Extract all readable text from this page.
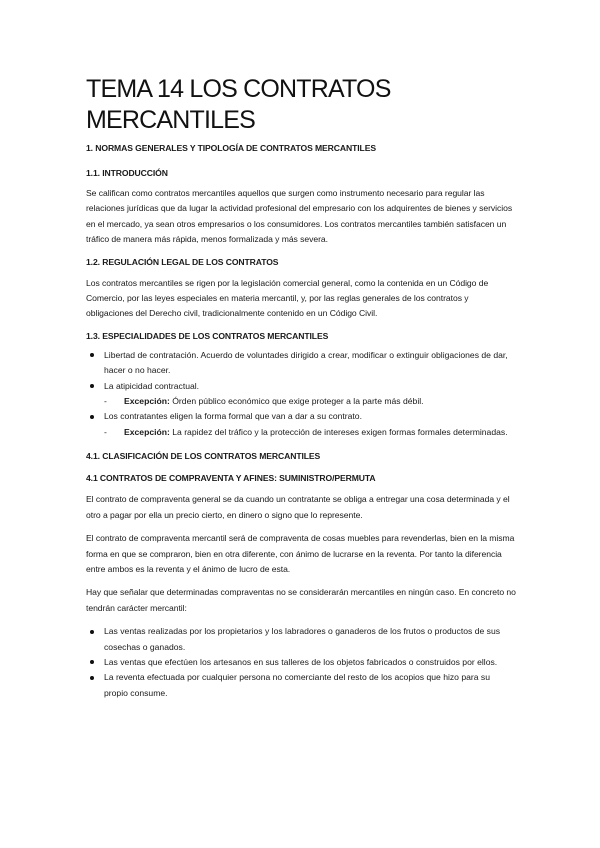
TEMA 14 LOS CONTRATOS
MERCANTILES

1. NORMAS GENERALES Y TIPOLOGÍA DE CONTRATOS MERCANTILES

1.1. INTRODUCCIÓN

Se califican como contratos mercantiles aquellos que surgen como instrumento necesario para regular las relaciones jurídicas que da lugar la actividad profesional del empresario con los adquirentes de bienes y servicios en el mercado, ya sean otros empresarios o los consumidores. Los contratos mercantiles también satisfacen un tráfico de manera más rápida, menos formalizada y más severa.

1.2. REGULACIÓN LEGAL DE LOS CONTRATOS

Los contratos mercantiles se rigen por la legislación comercial general, como la contenida en un Código de Comercio, por las leyes especiales en materia mercantil, y, por las reglas generales de los contratos y obligaciones del Derecho civil, tradicionalmente contenido en un Código Civil.

1.3. ESPECIALIDADES DE LOS CONTRATOS MERCANTILES

Libertad de contratación. Acuerdo de voluntades dirigido a crear, modificar o extinguir obligaciones de dar, hacer o no hacer.
La atipicidad contractual.
- Excepción: Órden público económico que exige proteger a la parte más débil.
Los contratantes eligen la forma formal que van a dar a su contrato.
- Excepción: La rapidez del tráfico y la protección de intereses exigen formas formales determinadas.

4.1. CLASIFICACIÓN DE LOS CONTRATOS MERCANTILES

4.1 CONTRATOS DE COMPRAVENTA Y AFINES: SUMINISTRO/PERMUTA

El contrato de compraventa general se da cuando un contratante se obliga a entregar una cosa determinada y el otro a pagar por ella un precio cierto, en dinero o signo que lo represente.

El contrato de compraventa mercantil será de compraventa de cosas muebles para revenderlas, bien en la misma forma en que se compraron, bien en otra diferente, con ánimo de lucrarse en la reventa. Por tanto la diferencia entre ambos es la reventa y el ánimo de lucro de esta.

Hay que señalar que determinadas compraventas no se considerarán mercantiles en ningún caso. En concreto no tendrán carácter mercantil:

Las ventas realizadas por los propietarios y los labradores o ganaderos de los frutos o productos de sus cosechas o ganados.
Las ventas que efectúen los artesanos en sus talleres de los objetos fabricados o construidos por ellos.
La reventa efectuada por cualquier persona no comerciante del resto de los acopios que hizo para su propio consume.
